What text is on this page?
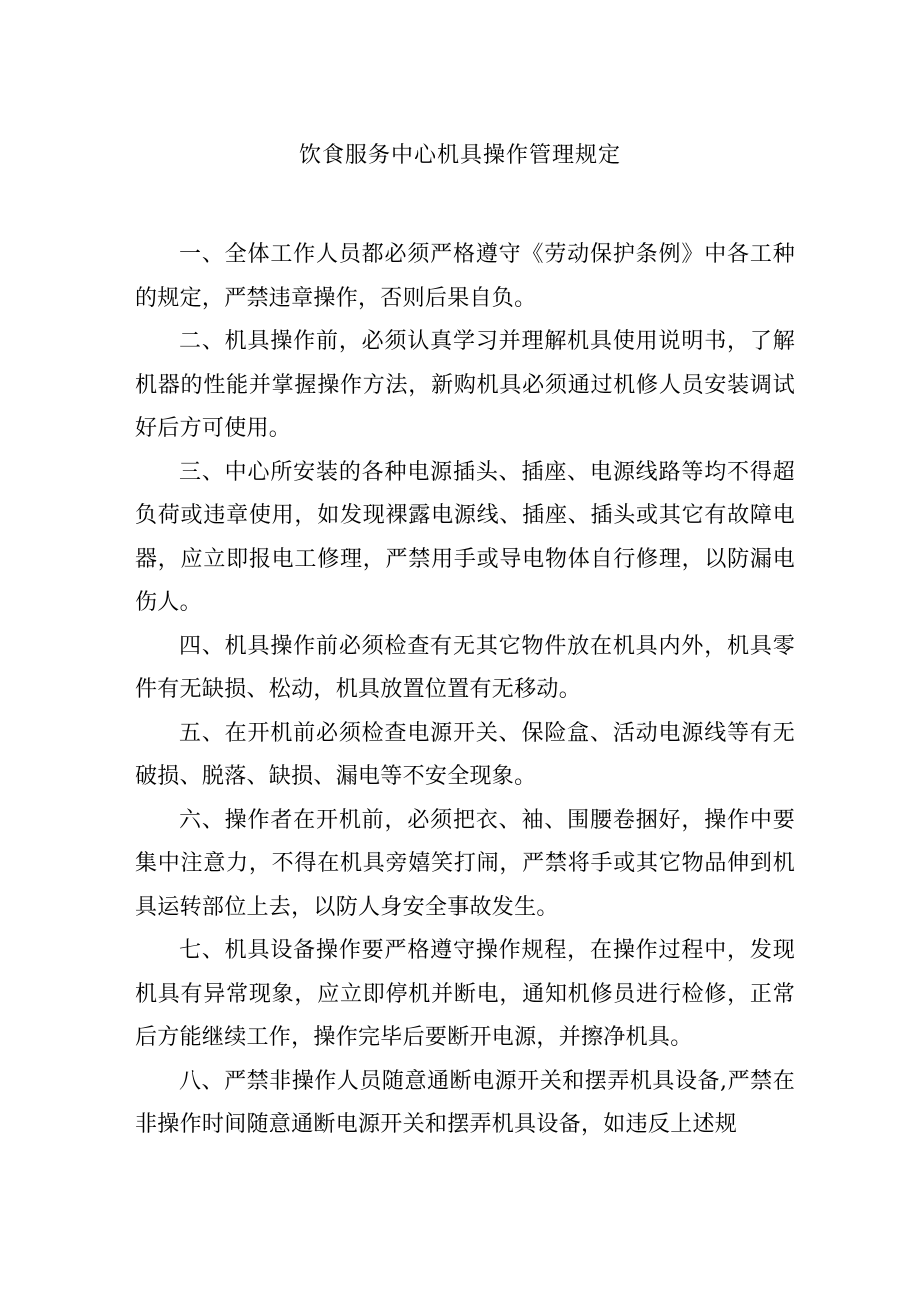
饮食服务中心机具操作管理规定

一、全体工作人员都必须严格遵守《劳动保护条例》中各工种的规定，严禁违章操作，否则后果自负。

二、机具操作前，必须认真学习并理解机具使用说明书，了解机器的性能并掌握操作方法，新购机具必须通过机修人员安装调试好后方可使用。

三、中心所安装的各种电源插头、插座、电源线路等均不得超负荷或违章使用，如发现裸露电源线、插座、插头或其它有故障电器，应立即报电工修理，严禁用手或导电物体自行修理，以防漏电伤人。

四、机具操作前必须检查有无其它物件放在机具内外，机具零件有无缺损、松动，机具放置位置有无移动。

五、在开机前必须检查电源开关、保险盒、活动电源线等有无破损、脱落、缺损、漏电等不安全现象。

六、操作者在开机前，必须把衣、袖、围腰卷捆好，操作中要集中注意力，不得在机具旁嬉笑打闹，严禁将手或其它物品伸到机具运转部位上去，以防人身安全事故发生。

七、机具设备操作要严格遵守操作规程，在操作过程中，发现机具有异常现象，应立即停机并断电，通知机修员进行检修，正常后方能继续工作，操作完毕后要断开电源，并擦净机具。

八、严禁非操作人员随意通断电源开关和摆弄机具设备,严禁在非操作时间随意通断电源开关和摆弄机具设备，如违反上述规
